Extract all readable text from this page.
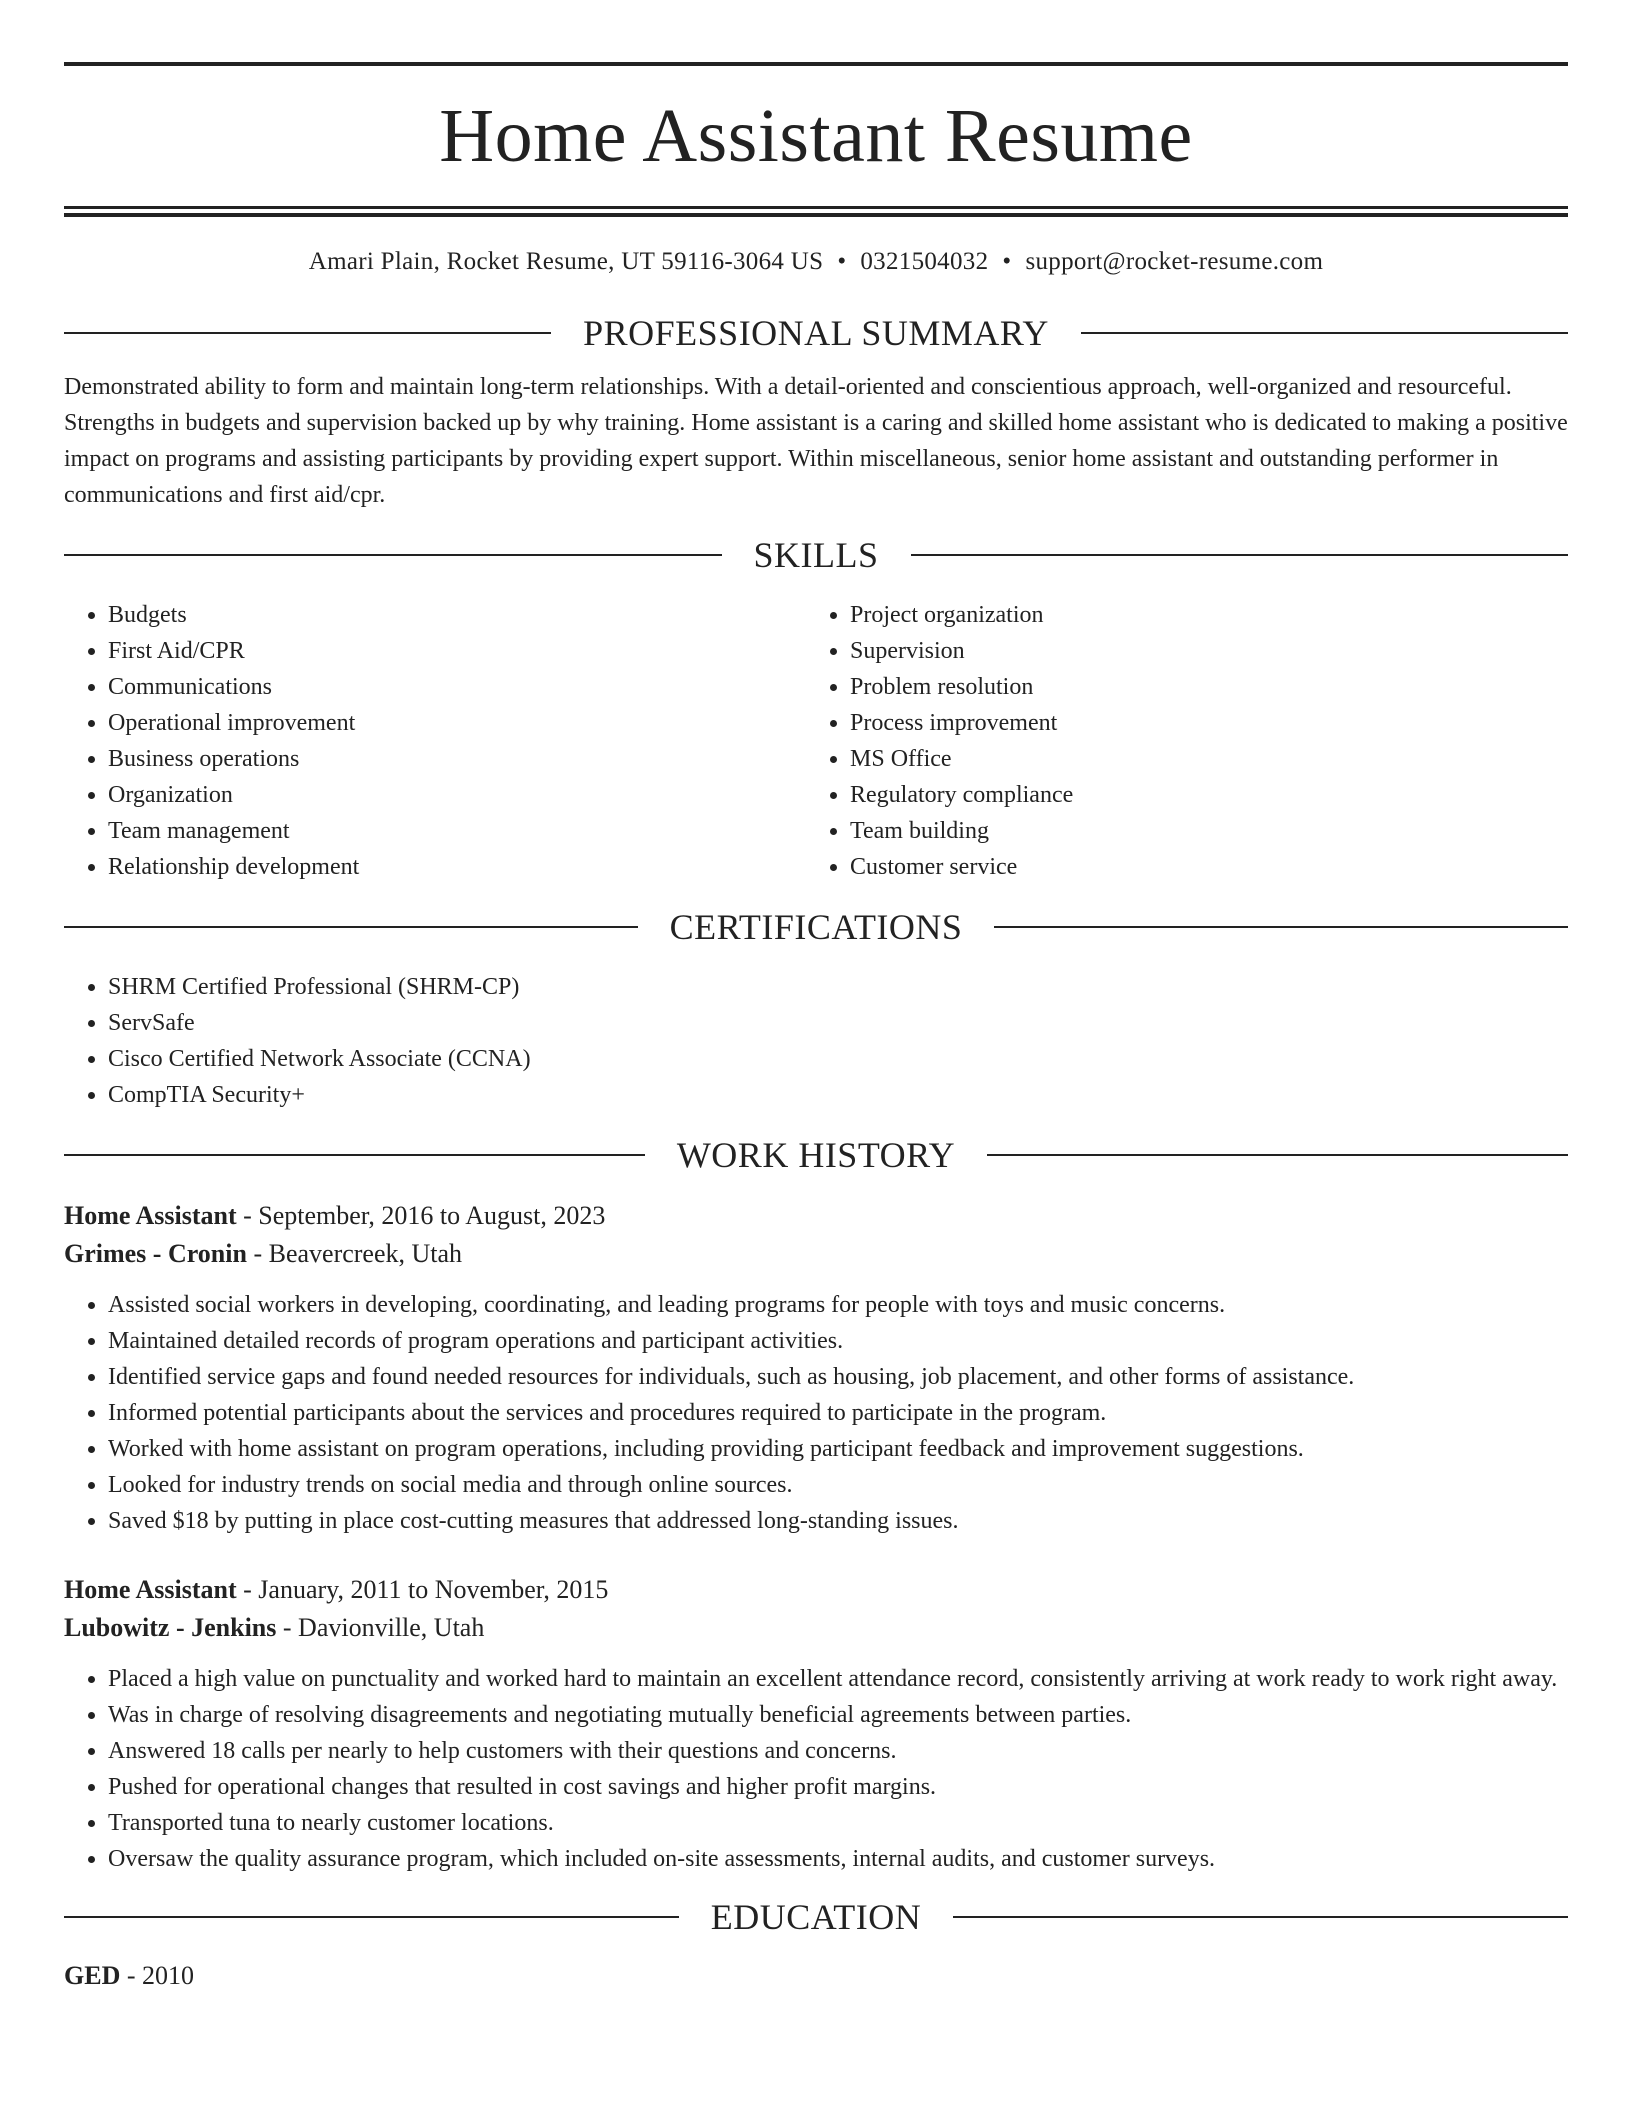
Home Assistant Resume
Amari Plain, Rocket Resume, UT 59116-3064 US • 0321504032 • support@rocket-resume.com
PROFESSIONAL SUMMARY

Demonstrated ability to form and maintain long-term relationships. With a detail-oriented and conscientious approach, well-organized and resourceful. Strengths in budgets and supervision backed up by why training. Home assistant is a caring and skilled home assistant who is dedicated to making a positive impact on programs and assisting participants by providing expert support. Within miscellaneous, senior home assistant and outstanding performer in communications and first aid/cpr.

SKILLS
• Budgets
• First Aid/CPR
• Communications
• Operational improvement
• Business operations
• Organization
• Team management
• Relationship development
• Project organization
• Supervision
• Problem resolution
• Process improvement
• MS Office
• Regulatory compliance
• Team building
• Customer service
CERTIFICATIONS
• SHRM Certified Professional (SHRM-CP)
• ServSafe
• Cisco Certified Network Associate (CCNA)
• CompTIA Security+
WORK HISTORY
Home Assistant - September, 2016 to August, 2023
Grimes - Cronin - Beavercreek, Utah
• Assisted social workers in developing, coordinating, and leading programs for people with toys and music concerns.
• Maintained detailed records of program operations and participant activities.
• Identified service gaps and found needed resources for individuals, such as housing, job placement, and other forms of assistance.
• Informed potential participants about the services and procedures required to participate in the program.
• Worked with home assistant on program operations, including providing participant feedback and improvement suggestions.
• Looked for industry trends on social media and through online sources.
• Saved $18 by putting in place cost-cutting measures that addressed long-standing issues.
Home Assistant - January, 2011 to November, 2015
Lubowitz - Jenkins - Davionville, Utah
• Placed a high value on punctuality and worked hard to maintain an excellent attendance record, consistently arriving at work ready to work right away.
• Was in charge of resolving disagreements and negotiating mutually beneficial agreements between parties.
• Answered 18 calls per nearly to help customers with their questions and concerns.
• Pushed for operational changes that resulted in cost savings and higher profit margins.
• Transported tuna to nearly customer locations.
• Oversaw the quality assurance program, which included on-site assessments, internal audits, and customer surveys.
EDUCATION
GED - 2010
